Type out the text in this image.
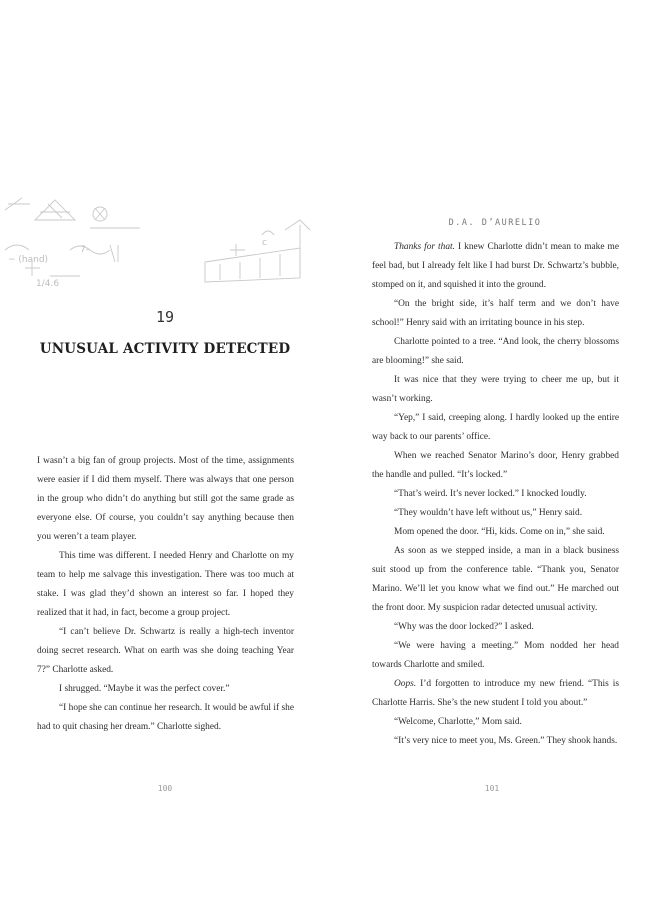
~ (hand)
7-
1/4.6
c
19
UNUSUAL ACTIVITY DETECTED

I wasn’t a big fan of group projects. Most of the time, assignments were easier if I did them myself. There was always that one person in the group who didn’t do anything but still got the same grade as everyone else. Of course, you couldn’t say anything because then you weren’t a team player.

This time was different. I needed Henry and Charlotte on my team to help me salvage this investigation. There was too much at stake. I was glad they’d shown an interest so far. I hoped they realized that it had, in fact, become a group project.

“I can’t believe Dr. Schwartz is really a high-tech inventor doing secret research. What on earth was she doing teaching Year 7?” Charlotte asked.

I shrugged. “Maybe it was the perfect cover.”

“I hope she can continue her research. It would be awful if she had to quit chasing her dream.” Charlotte sighed.

100
D.A. D’AURELIO

Thanks for that. I knew Charlotte didn’t mean to make me feel bad, but I already felt like I had burst Dr. Schwartz’s bubble, stomped on it, and squished it into the ground.

“On the bright side, it’s half term and we don’t have school!” Henry said with an irritating bounce in his step.

Charlotte pointed to a tree. “And look, the cherry blossoms are blooming!” she said.

It was nice that they were trying to cheer me up, but it wasn’t working.

“Yep,” I said, creeping along. I hardly looked up the entire way back to our parents’ office.

When we reached Senator Marino’s door, Henry grabbed the handle and pulled. “It’s locked.”

“That’s weird. It’s never locked.” I knocked loudly.

“They wouldn’t have left without us,” Henry said.

Mom opened the door. “Hi, kids. Come on in,” she said.

As soon as we stepped inside, a man in a black business suit stood up from the conference table. “Thank you, Senator Marino. We’ll let you know what we find out.” He marched out the front door. My suspicion radar detected unusual activity.

“Why was the door locked?” I asked.

“We were having a meeting.” Mom nodded her head towards Charlotte and smiled.

Oops. I’d forgotten to introduce my new friend. “This is Charlotte Harris. She’s the new student I told you about.”

“Welcome, Charlotte,” Mom said.

“It’s very nice to meet you, Ms. Green.” They shook hands.

101
